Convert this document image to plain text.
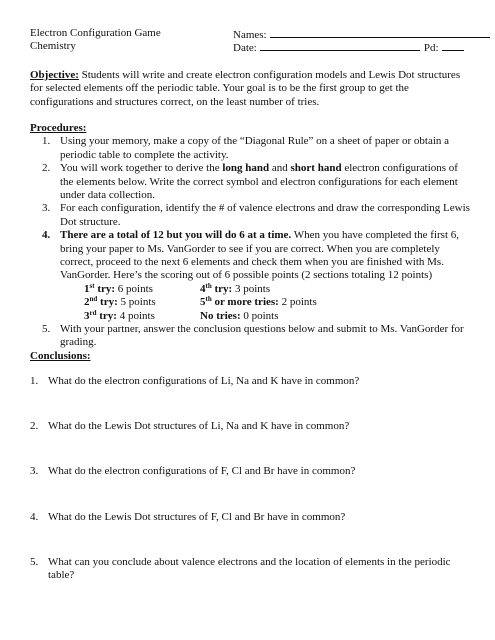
Electron Configuration Game	Names:
Chemistry	Date:	Pd:
Objective: Students will write and create electron configuration models and Lewis Dot structures for selected elements off the periodic table. Your goal is to be the first group to get the configurations and structures correct, on the least number of tries.
Procedures:
1. Using your memory, make a copy of the “Diagonal Rule” on a sheet of paper or obtain a periodic table to complete the activity.
2. You will work together to derive the long hand and short hand electron configurations of the elements below. Write the correct symbol and electron configurations for each element under data collection.
3. For each configuration, identify the # of valence electrons and draw the corresponding Lewis Dot structure.
4. There are a total of 12 but you will do 6 at a time. When you have completed the first 6, bring your paper to Ms. VanGorder to see if you are correct. When you are completely correct, proceed to the next 6 elements and check them when you are finished with Ms. VanGorder. Here’s the scoring out of 6 possible points (2 sections totaling 12 points)
1st try: 6 points	4th try: 3 points
2nd try: 5 points	5th or more tries: 2 points
3rd try: 4 points	No tries: 0 points
5. With your partner, answer the conclusion questions below and submit to Ms. VanGorder for grading.
Conclusions:
1. What do the electron configurations of Li, Na and K have in common?
2. What do the Lewis Dot structures of Li, Na and K have in common?
3. What do the electron configurations of F, Cl and Br have in common?
4. What do the Lewis Dot structures of F, Cl and Br have in common?
5. What can you conclude about valence electrons and the location of elements in the periodic table?
